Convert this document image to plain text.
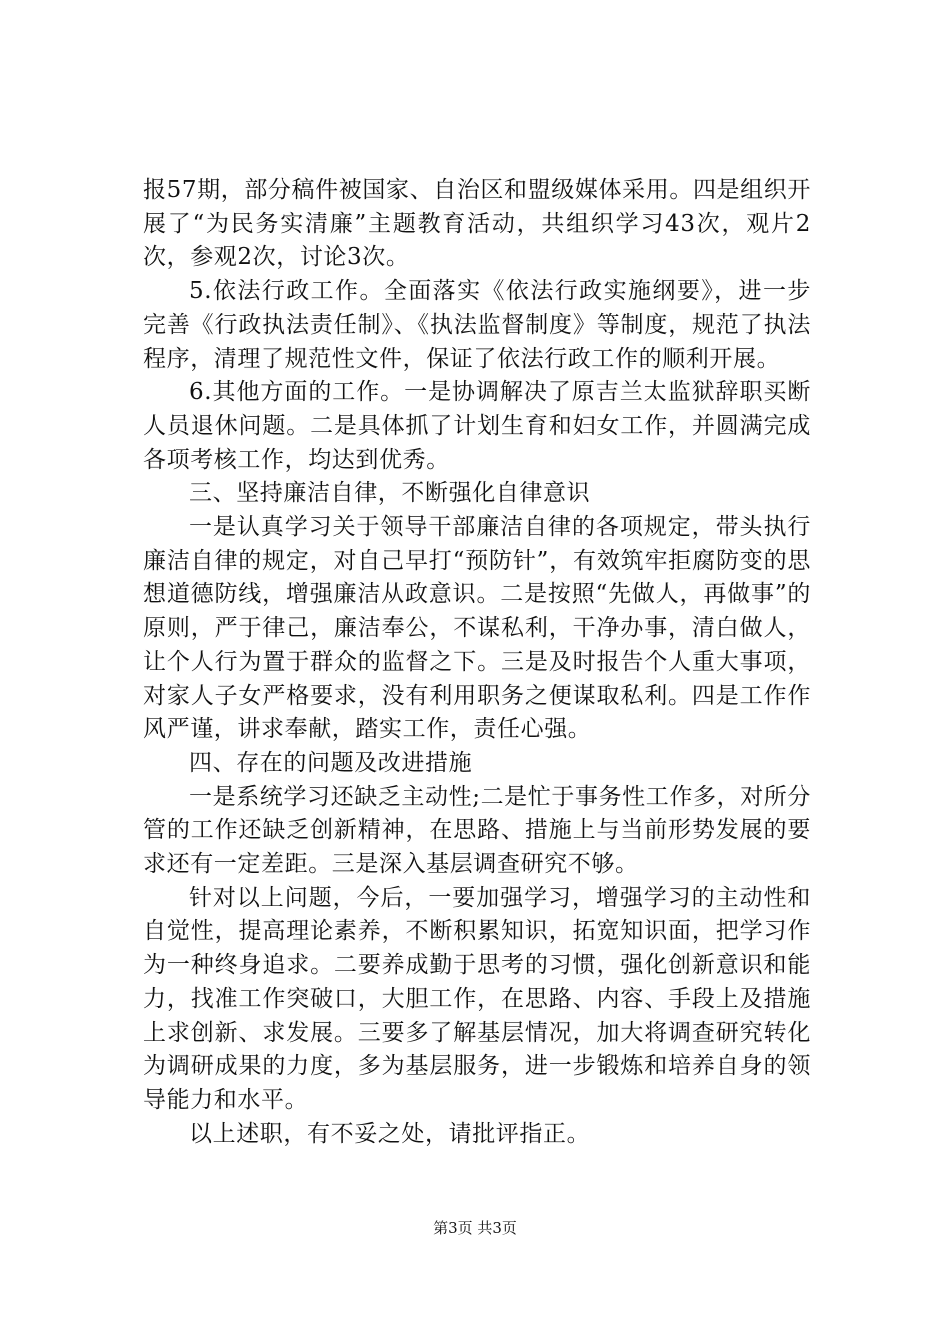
报57期，部分稿件被国家、自治区和盟级媒体采用。四是组织开展了“为民务实清廉”主题教育活动，共组织学习43次，观片2次，参观2次，讨论3次。

5.依法行政工作。全面落实《依法行政实施纲要》，进一步完善《行政执法责任制》、《执法监督制度》等制度，规范了执法程序，清理了规范性文件，保证了依法行政工作的顺利开展。

6.其他方面的工作。一是协调解决了原吉兰太监狱辞职买断人员退休问题。二是具体抓了计划生育和妇女工作，并圆满完成各项考核工作，均达到优秀。

三、坚持廉洁自律，不断强化自律意识

一是认真学习关于领导干部廉洁自律的各项规定，带头执行廉洁自律的规定，对自己早打“预防针”，有效筑牢拒腐防变的思想道德防线，增强廉洁从政意识。二是按照“先做人，再做事”的原则，严于律己，廉洁奉公，不谋私利，干净办事，清白做人，让个人行为置于群众的监督之下。三是及时报告个人重大事项，对家人子女严格要求，没有利用职务之便谋取私利。四是工作作风严谨，讲求奉献，踏实工作，责任心强。

四、存在的问题及改进措施

一是系统学习还缺乏主动性;二是忙于事务性工作多，对所分管的工作还缺乏创新精神，在思路、措施上与当前形势发展的要求还有一定差距。三是深入基层调查研究不够。

针对以上问题，今后，一要加强学习，增强学习的主动性和自觉性，提高理论素养，不断积累知识，拓宽知识面，把学习作为一种终身追求。二要养成勤于思考的习惯，强化创新意识和能力，找准工作突破口，大胆工作，在思路、内容、手段上及措施上求创新、求发展。三要多了解基层情况，加大将调查研究转化为调研成果的力度，多为基层服务，进一步锻炼和培养自身的领导能力和水平。

以上述职，有不妥之处，请批评指正。

第3页 共3页
